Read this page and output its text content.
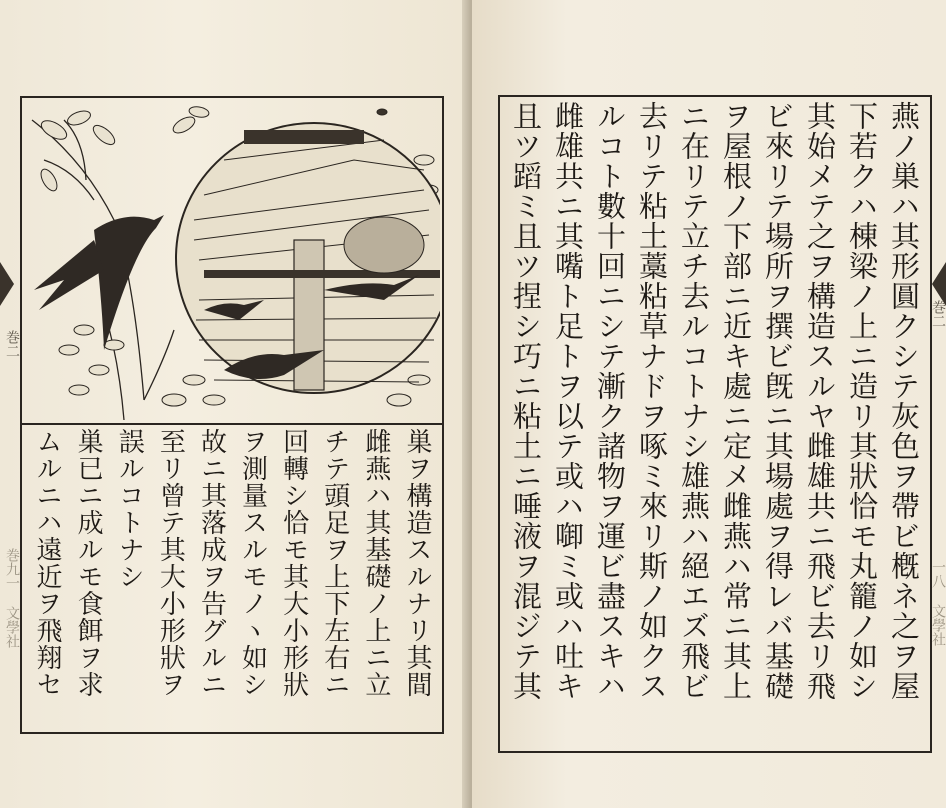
巻二
巻九一 文學社	巣ヲ構造スルナリ其間
雌燕ハ其基礎ノ上ニ立
チテ頭足ヲ上下左右ニ
回轉シ恰モ其大小形狀
ヲ測量スルモノヽ如シ
故ニ其落成ヲ告グルニ
至リ曾テ其大小形狀ヲ
誤ルコトナシ
巣已ニ成ルモ食餌ヲ求
ムルニハ遠近ヲ飛翔セ
巻二
一八 文學社
燕ノ巣ハ其形圓クシテ灰色ヲ帶ビ槪ネ之ヲ屋
下若クハ棟梁ノ上ニ造リ其狀恰モ丸籠ノ如シ
其始メテ之ヲ構造スルヤ雌雄共ニ飛ビ去リ飛
ビ來リテ場所ヲ撰ビ旣ニ其場處ヲ得レバ基礎
ヲ屋根ノ下部ニ近キ處ニ定メ雌燕ハ常ニ其上
ニ在リテ立チ去ルコトナシ雄燕ハ絕エズ飛ビ
去リテ粘土藁粘草ナドヲ啄ミ來リ斯ノ如クス
ルコト數十回ニシテ漸ク諸物ヲ運ビ盡スキハ
雌雄共ニ其嘴ト足トヲ以テ或ハ啣ミ或ハ吐キ
且ツ蹈ミ且ツ捏シ巧ニ粘土ニ唾液ヲ混ジテ其
